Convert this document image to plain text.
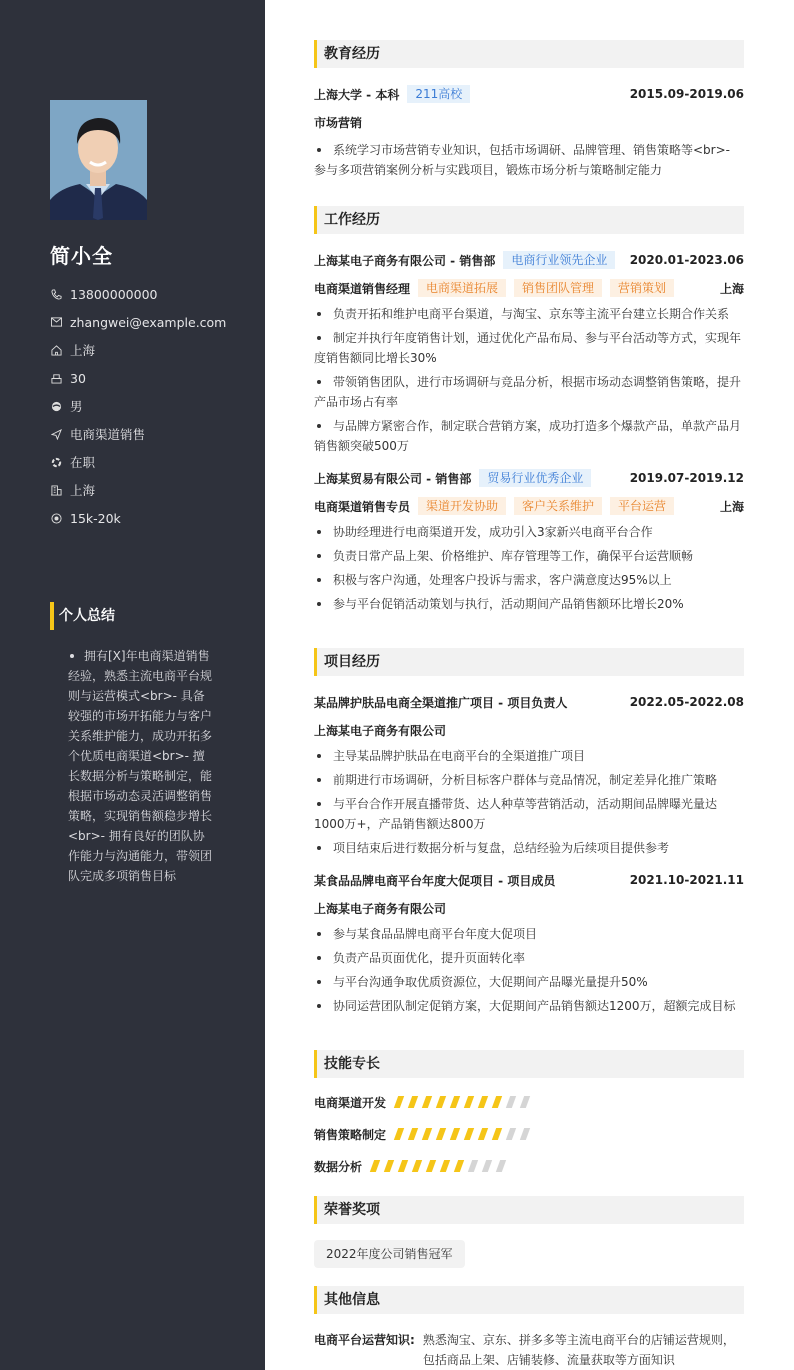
简小全
13800000000
zhangwei@example.com
上海
30
男
电商渠道销售
在职
上海
15k-20k
个人总结
拥有[X]年电商渠道销售经验，熟悉主流电商平台规则与运营模式<br>- 具备较强的市场开拓能力与客户关系维护能力，成功开拓多个优质电商渠道<br>- 擅长数据分析与策略制定，能根据市场动态灵活调整销售策略，实现销售额稳步增长<br>- 拥有良好的团队协作能力与沟通能力，带领团队完成多项销售目标
教育经历
上海大学 - 本科	211高校	2015.09-2019.06
市场营销
系统学习市场营销专业知识，包括市场调研、品牌管理、销售策略等<br>- 参与多项营销案例分析与实践项目，锻炼市场分析与策略制定能力
工作经历
上海某电子商务有限公司 - 销售部	电商行业领先企业	2020.01-2023.06
电商渠道销售经理	电商渠道拓展	销售团队管理	营销策划	上海
负责开拓和维护电商平台渠道，与淘宝、京东等主流平台建立长期合作关系
制定并执行年度销售计划，通过优化产品布局、参与平台活动等方式，实现年度销售额同比增长30%
带领销售团队，进行市场调研与竞品分析，根据市场动态调整销售策略，提升产品市场占有率
与品牌方紧密合作，制定联合营销方案，成功打造多个爆款产品，单款产品月销售额突破500万
上海某贸易有限公司 - 销售部	贸易行业优秀企业	2019.07-2019.12
电商渠道销售专员	渠道开发协助	客户关系维护	平台运营	上海
协助经理进行电商渠道开发，成功引入3家新兴电商平台合作
负责日常产品上架、价格维护、库存管理等工作，确保平台运营顺畅
积极与客户沟通，处理客户投诉与需求，客户满意度达95%以上
参与平台促销活动策划与执行，活动期间产品销售额环比增长20%
项目经历
某品牌护肤品电商全渠道推广项目 - 项目负责人	2022.05-2022.08
上海某电子商务有限公司
主导某品牌护肤品在电商平台的全渠道推广项目
前期进行市场调研，分析目标客户群体与竞品情况，制定差异化推广策略
与平台合作开展直播带货、达人种草等营销活动，活动期间品牌曝光量达1000万+，产品销售额达800万
项目结束后进行数据分析与复盘，总结经验为后续项目提供参考
某食品品牌电商平台年度大促项目 - 项目成员	2021.10-2021.11
上海某电子商务有限公司
参与某食品品牌电商平台年度大促项目
负责产品页面优化，提升页面转化率
与平台沟通争取优质资源位，大促期间产品曝光量提升50%
协同运营团队制定促销方案，大促期间产品销售额达1200万，超额完成目标
技能专长
电商渠道开发
销售策略制定
数据分析
荣誉奖项
2022年度公司销售冠军
其他信息
电商平台运营知识: 熟悉淘宝、京东、拼多多等主流电商平台的店铺运营规则，包括商品上架、店铺装修、流量获取等方面知识
